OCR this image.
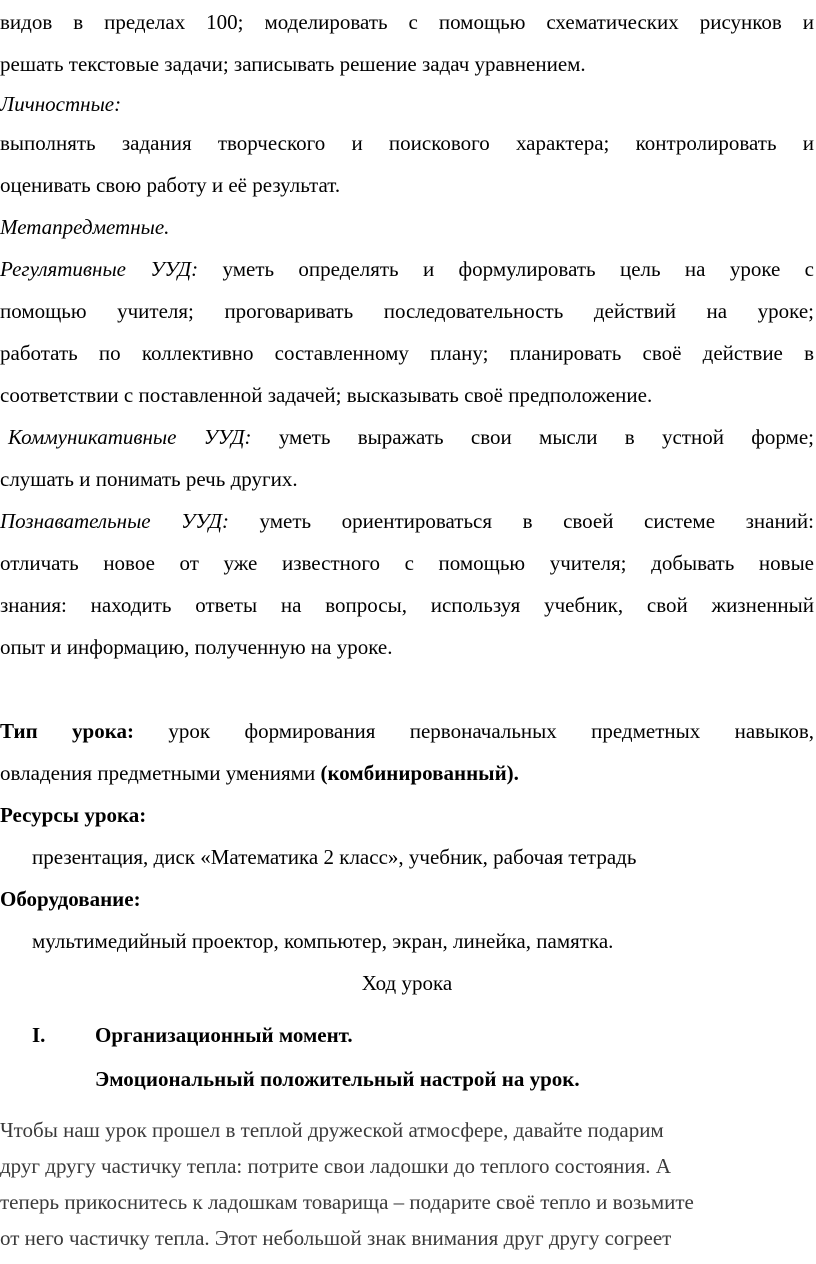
видов в пределах 100; моделировать с помощью схематических рисунков и
решать текстовые задачи; записывать решение задач уравнением.
Личностные:
выполнять задания творческого и поискового характера; контролировать и
оценивать свою работу и её результат.
Метапредметные.
Регулятивные УУД: уметь определять и формулировать цель на уроке с
помощью учителя; проговаривать последовательность действий на уроке;
работать по коллективно составленному плану; планировать своё действие в
соответствии с поставленной задачей; высказывать своё предположение.
Коммуникативные УУД: уметь выражать свои мысли в устной форме;
слушать и понимать речь других.
Познавательные УУД: уметь ориентироваться в своей системе знаний:
отличать новое от уже известного с помощью учителя; добывать новые
знания: находить ответы на вопросы, используя учебник, свой жизненный
опыт и информацию, полученную на уроке.
Тип урока: урок формирования первоначальных предметных навыков,
овладения предметными умениями (комбинированный).
Ресурсы урока:
презентация, диск «Математика 2 класс», учебник, рабочая тетрадь
Оборудование:
мультимедийный проектор, компьютер, экран, линейка, памятка.
Ход урока
I. Организационный момент.
Эмоциональный положительный настрой на урок.
Чтобы наш урок прошел в теплой дружеской атмосфере, давайте подарим
друг другу частичку тепла: потрите свои ладошки до теплого состояния. А
теперь прикоснитесь к ладошкам товарища – подарите своё тепло и возьмите
от него частичку тепла. Этот небольшой знак внимания друг другу согреет
